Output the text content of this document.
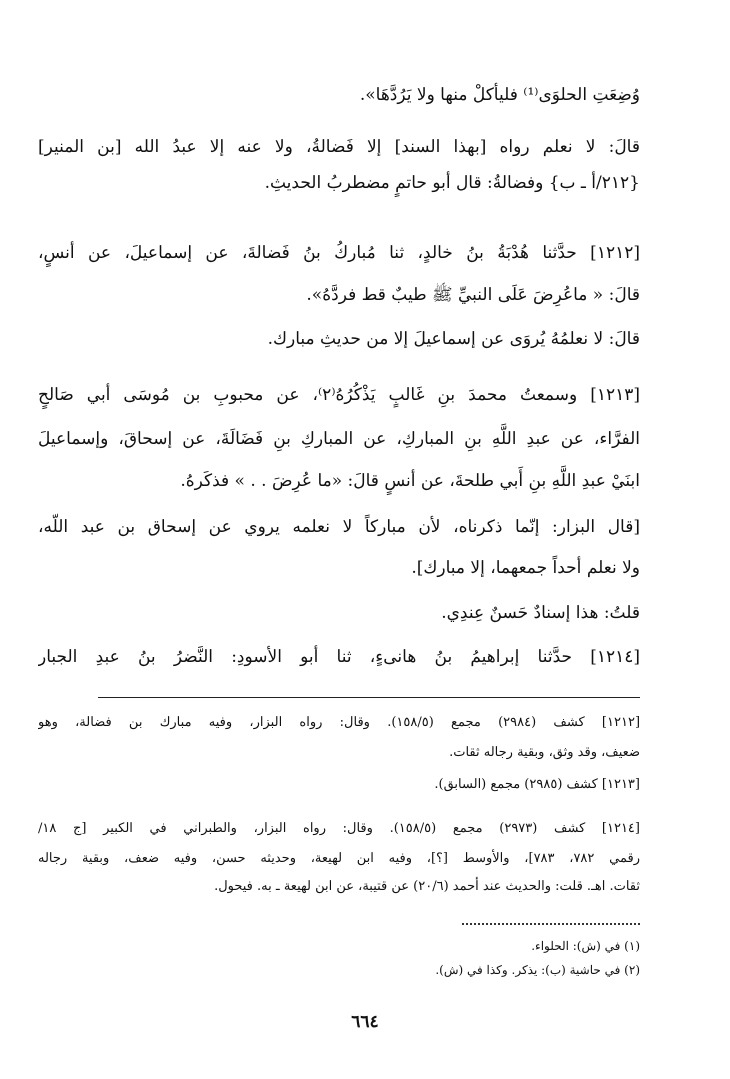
وُضِعَتِ الحلوَى⁽¹⁾ فليأكلْ منها ولا يَرُدَّهَا».
قالَ: لا نعلم رواه [بهذا السند] إلا فَضالةُ، ولا عنه إلا عبدُ الله [بن المنير]
{٢١٢/أ ـ ب} وفضالةُ: قال أبو حاتمٍ مضطربُ الحديثِ.
[١٢١٢] حدَّثنا هُدْبَةُ بنُ خالدٍ، ثنا مُباركُ بنُ فَضالةَ، عن إسماعيلَ، عن أنسٍ،
قالَ: « ماعُرِضَ عَلَى النبيِّ ﷺ طيبٌ قط فردَّهُ».
قالَ: لا نعلمُهُ يُروَى عن إسماعيلَ إلا من حديثِ مبارك.
[١٢١٣] وسمعتُ محمدَ بنِ غَالبٍ يَذْكُرُهُ⁽٢⁾، عن محبوبِ بن مُوسَى أبي صَالحٍ
الفرَّاء، عن عبدِ اللَّهِ بنِ المباركِ، عن المباركِ بنِ فَضَالَةَ، عن إسحاقَ، وإسماعيلَ
ابنَيْ عبدِ اللَّهِ بنِ أَبي طلحةَ، عن أنسٍ قالَ: «ما عُرِضَ . . » فذكَرهُ.
[قال البزار: إنّما ذكرناه، لأن مباركاً لا نعلمه يروي عن إسحاق بن عبد اللّه،
ولا نعلم أحداً جمعهما، إلا مبارك].
قلتُ: هذا إسنادٌ حَسنٌ عِندِي.
[١٢١٤] حدَّثنا إبراهيمُ بنُ هانىءٍ، ثنا أبو الأسودِ: النَّضرُ بنُ عبدِ الجبار
[١٢١٢] كشف (٢٩٨٤) مجمع (١٥٨/٥). وقال: رواه البزار، وفيه مبارك بن فضالة، وهو
ضعيف، وقد وثق، وبقية رجاله ثقات.
[١٢١٣] كشف (٢٩٨٥) مجمع (السابق).
[١٢١٤] كشف (٢٩٧٣) مجمع (١٥٨/٥). وقال: رواه البزار، والطبراني في الكبير [ج ١٨/
رقمي ٧٨٢، ٧٨٣]، والأوسط [؟]، وفيه ابن لهيعة، وحديثه حسن، وفيه ضعف، وبقية رجاله
ثقات. اهـ. قلت: والحديث عند أحمد (٢٠/٦) عن قتيبة، عن ابن لهيعة ـ به. فيحول.
(١) في (ش): الحلواء.
(٢) في حاشية (ب): يذكر. وكذا في (ش).
٦٦٤
